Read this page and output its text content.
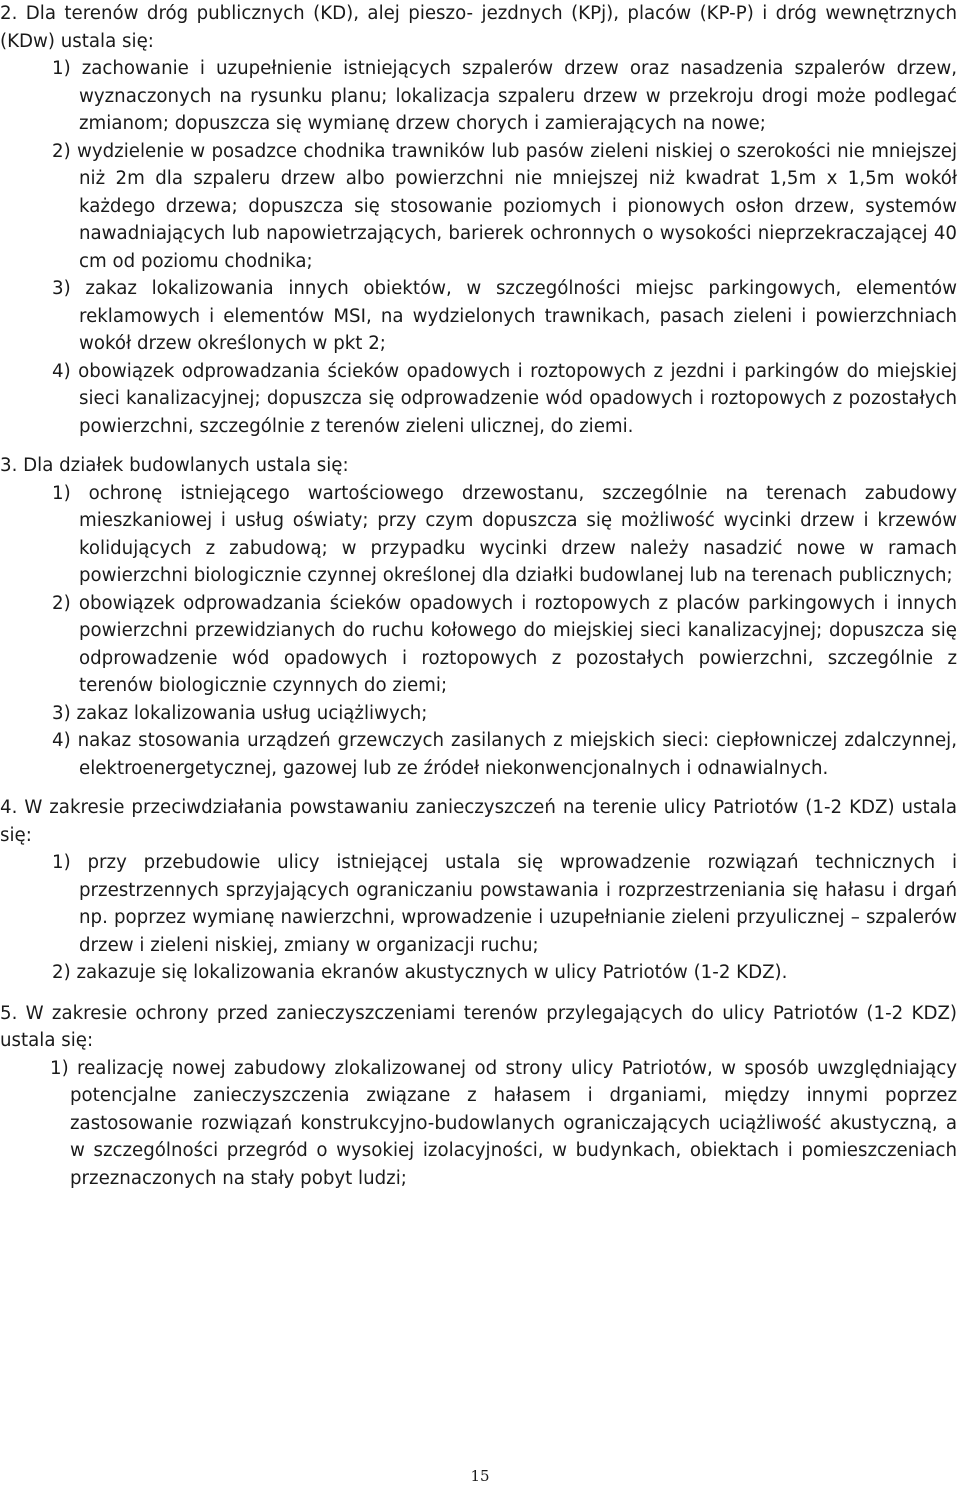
2. Dla terenów dróg publicznych (KD), alej pieszo- jezdnych (KPj), placów (KP-P) i dróg wewnętrznych (KDw) ustala się:

1) zachowanie i uzupełnienie istniejących szpalerów drzew oraz nasadzenia szpalerów drzew, wyznaczonych na rysunku planu; lokalizacja szpaleru drzew w przekroju drogi może podlegać zmianom; dopuszcza się wymianę drzew chorych i zamierających na nowe;

2) wydzielenie w posadzce chodnika trawników lub pasów zieleni niskiej o szerokości nie mniejszej niż 2m dla szpaleru drzew albo powierzchni nie mniejszej niż kwadrat 1,5m x 1,5m wokół każdego drzewa; dopuszcza się stosowanie poziomych i pionowych osłon drzew, systemów nawadniających lub napowietrzających, barierek ochronnych o wysokości nieprzekraczającej 40 cm od poziomu chodnika;

3) zakaz lokalizowania innych obiektów, w szczególności miejsc parkingowych, elementów reklamowych i elementów MSI, na wydzielonych trawnikach, pasach zieleni i powierzchniach wokół drzew określonych w pkt 2;

4) obowiązek odprowadzania ścieków opadowych i roztopowych z jezdni i parkingów do miejskiej sieci kanalizacyjnej; dopuszcza się odprowadzenie wód opadowych i roztopowych z pozostałych powierzchni, szczególnie z terenów zieleni ulicznej, do ziemi.

3. Dla działek budowlanych ustala się:

1) ochronę istniejącego wartościowego drzewostanu, szczególnie na terenach zabudowy mieszkaniowej i usług oświaty; przy czym dopuszcza się możliwość wycinki drzew i krzewów kolidujących z zabudową; w przypadku wycinki drzew należy nasadzić nowe w ramach powierzchni biologicznie czynnej określonej dla działki budowlanej lub na terenach publicznych;

2) obowiązek odprowadzania ścieków opadowych i roztopowych z placów parkingowych i innych powierzchni przewidzianych do ruchu kołowego do miejskiej sieci kanalizacyjnej; dopuszcza się odprowadzenie wód opadowych i roztopowych z pozostałych powierzchni, szczególnie z terenów biologicznie czynnych do ziemi;

3) zakaz lokalizowania usług uciążliwych;

4) nakaz stosowania urządzeń grzewczych zasilanych z miejskich sieci: ciepłowniczej zdalczynnej, elektroenergetycznej, gazowej lub ze źródeł niekonwencjonalnych i odnawialnych.

4. W zakresie przeciwdziałania powstawaniu zanieczyszczeń na terenie ulicy Patriotów (1-2 KDZ) ustala się:

1) przy przebudowie ulicy istniejącej ustala się wprowadzenie rozwiązań technicznych i przestrzennych sprzyjających ograniczaniu powstawania i rozprzestrzeniania się hałasu i drgań np. poprzez wymianę nawierzchni, wprowadzenie i uzupełnianie zieleni przyulicznej – szpalerów drzew i zieleni niskiej, zmiany w organizacji ruchu;

2) zakazuje się lokalizowania ekranów akustycznych w ulicy Patriotów (1-2 KDZ).

5. W zakresie ochrony przed zanieczyszczeniami terenów przylegających do ulicy Patriotów (1-2 KDZ) ustala się:

1) realizację nowej zabudowy zlokalizowanej od strony ulicy Patriotów, w sposób uwzględniający potencjalne zanieczyszczenia związane z hałasem i drganiami, między innymi poprzez zastosowanie rozwiązań konstrukcyjno-budowlanych ograniczających uciążliwość akustyczną, a w szczególności przegród o wysokiej izolacyjności, w budynkach, obiektach i pomieszczeniach przeznaczonych na stały pobyt ludzi;

15
